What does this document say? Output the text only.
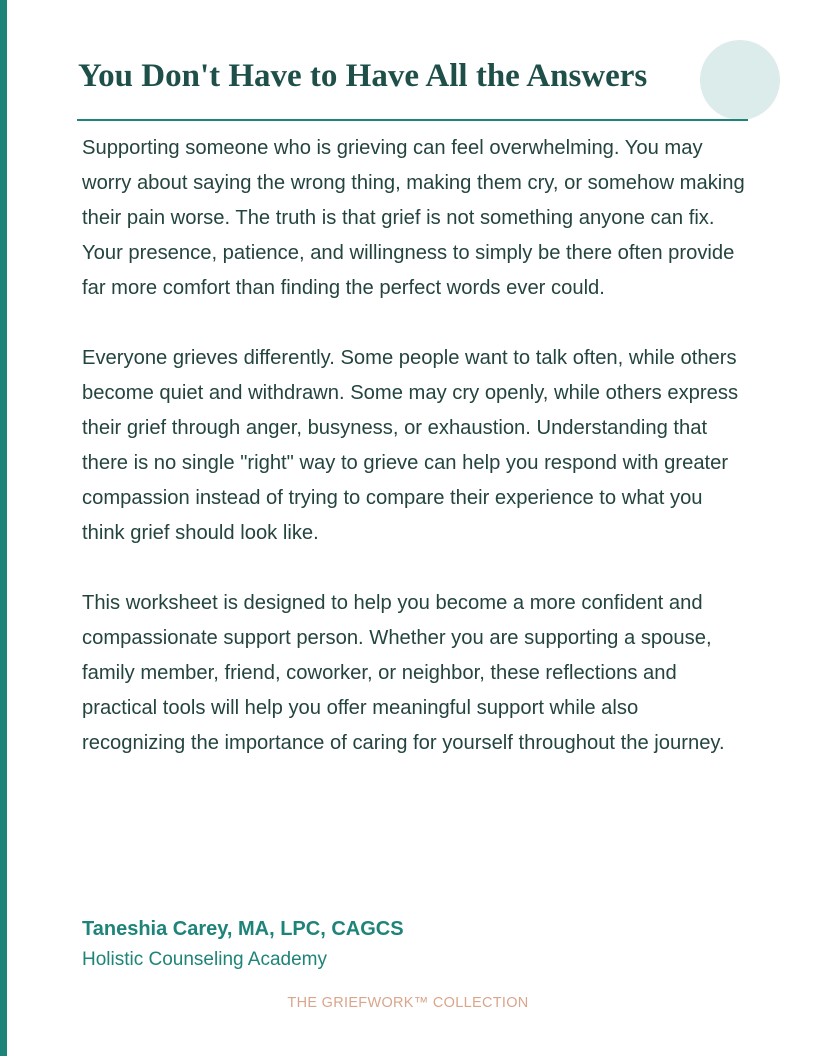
You Don't Have to Have All the Answers

Supporting someone who is grieving can feel overwhelming. You may worry about saying the wrong thing, making them cry, or somehow making their pain worse. The truth is that grief is not something anyone can fix. Your presence, patience, and willingness to simply be there often provide far more comfort than finding the perfect words ever could.

Everyone grieves differently. Some people want to talk often, while others become quiet and withdrawn. Some may cry openly, while others express their grief through anger, busyness, or exhaustion. Understanding that there is no single "right" way to grieve can help you respond with greater compassion instead of trying to compare their experience to what you think grief should look like.

This worksheet is designed to help you become a more confident and compassionate support person. Whether you are supporting a spouse, family member, friend, coworker, or neighbor, these reflections and practical tools will help you offer meaningful support while also recognizing the importance of caring for yourself throughout the journey.

Taneshia Carey, MA, LPC, CAGCS
Holistic Counseling Academy
THE GRIEFWORK™ COLLECTION
